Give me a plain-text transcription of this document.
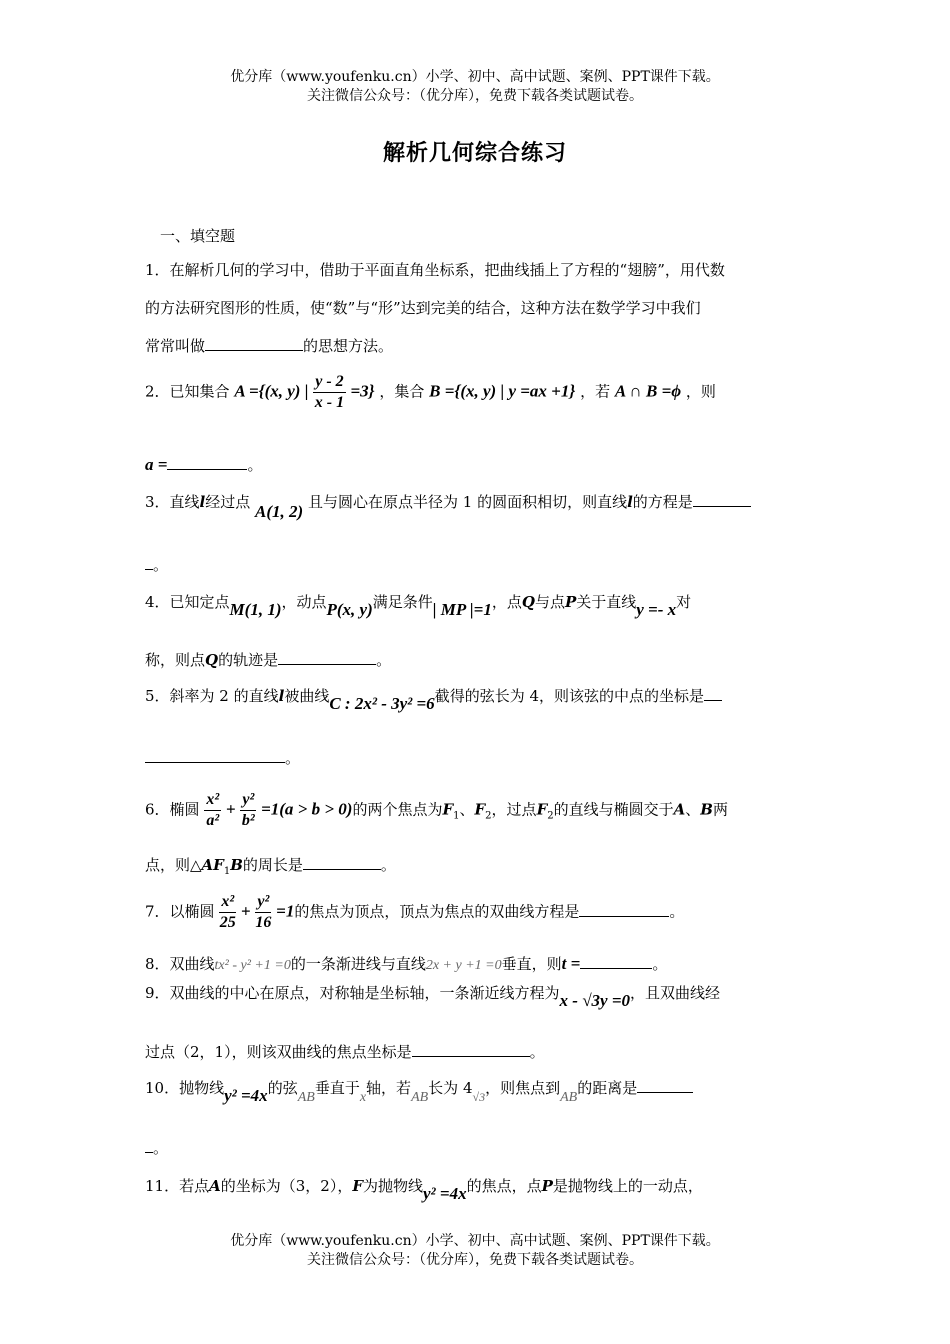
优分库（www.youfenku.cn）小学、初中、高中试题、案例、PPT课件下载。
关注微信公众号：（优分库），免费下载各类试题试卷。
解析几何综合练习
一、填空题
1．在解析几何的学习中，借助于平面直角坐标系，把曲线插上了方程的“翅膀”，用代数
的方法研究图形的性质，使“数”与“形”达到完美的结合，这种方法在数学学习中我们
常常叫做	的思想方法。
2．已知集合 A ={(x, y) | $\frac{y - 2}{x - 1} =3$} ，集合 B ={(x, y) | y =ax +1} ，若 A ∩ B =ϕ ，则
a =	。
3．直线l经过点 A(1, 2) 且与圆心在原点半径为 1 的圆面积相切，则直线l的方程是
。
4．已知定点M(1, 1)，动点P(x, y)满足条件| MP |=1，点Q与点P关于直线y =- x对
称，则点Q的轨迹是	。
5．斜率为 2 的直线l被曲线C : 2x² - 3y² =6截得的弦长为 4，则该弦的中点的坐标是
。
6．椭圆 $\frac{\text{x²}}{\text{a²}} + \frac{\text{y²}}{\text{b²}} =1(a > b > 0)$的两个焦点为$F_1$、$F_2$，过点$F_2$的直线与椭圆交于A、B两
点，则$\triangle AF_1B$的周长是	。
7．以椭圆 $\frac{\text{x²}}{25} + \frac{\text{y²}}{16} =1$的焦点为顶点，顶点为焦点的双曲线方程是	。
8．双曲线tx² - y² +1 =0的一条渐进线与直线2x + y +1 =0垂直，则t =	。
9．双曲线的中心在原点，对称轴是坐标轴，一条渐近线方程为x - √3y =0，且双曲线经
过点（2，1），则该双曲线的焦点坐标是	。
10．抛物线y² =4x的弦AB垂直于x轴，若AB长为 $4_{√3}$，则焦点到AB的距离是
。
11．若点A的坐标为（3，2），F为抛物线y² =4x的焦点，点P是抛物线上的一动点，
优分库（www.youfenku.cn）小学、初中、高中试题、案例、PPT课件下载。
关注微信公众号：（优分库），免费下载各类试题试卷。
